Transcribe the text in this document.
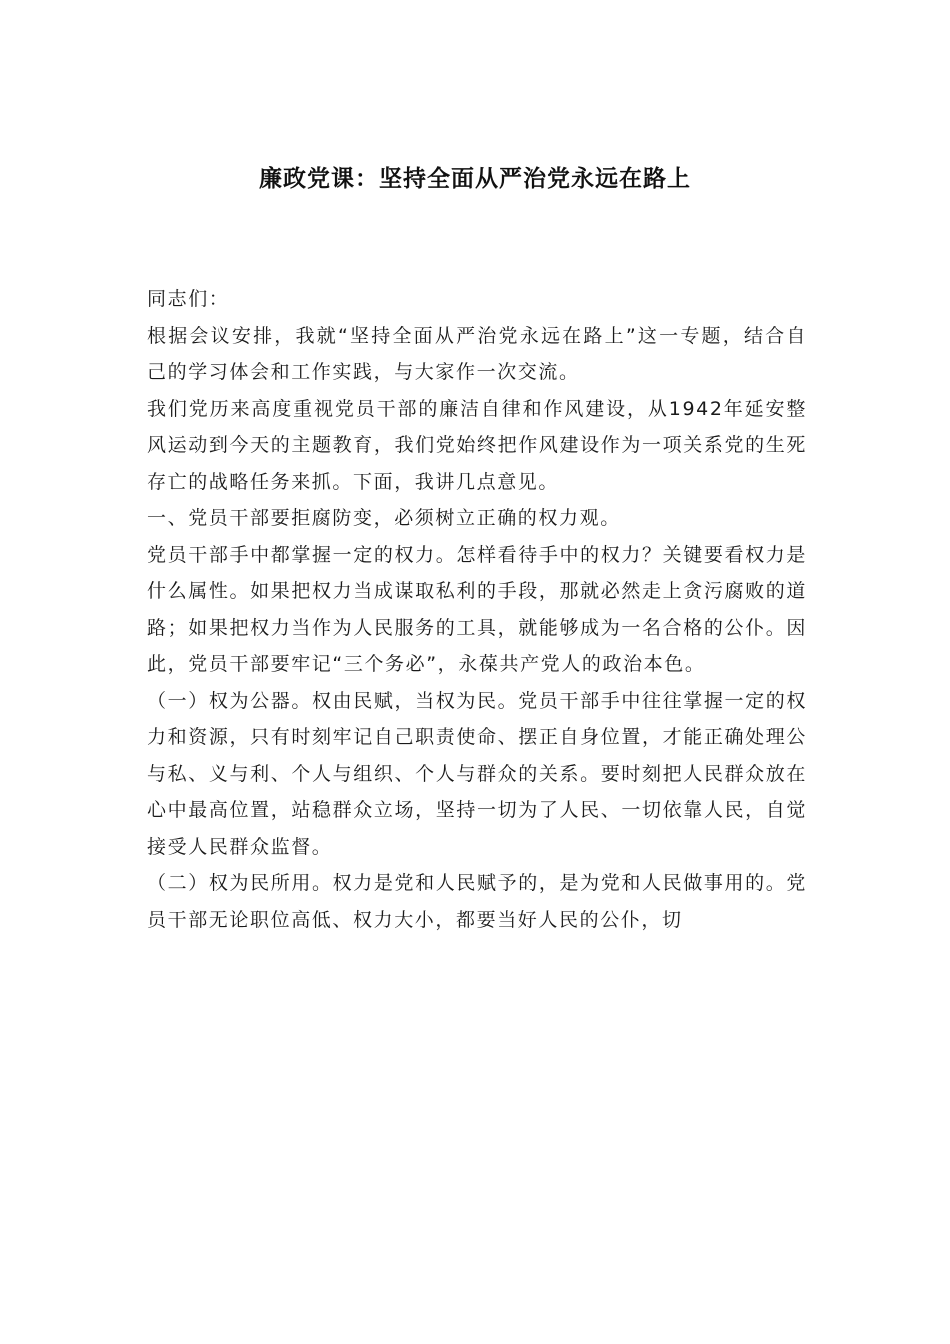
廉政党课：坚持全面从严治党永远在路上

同志们：

根据会议安排，我就“坚持全面从严治党永远在路上”这一专题，结合自己的学习体会和工作实践，与大家作一次交流。

我们党历来高度重视党员干部的廉洁自律和作风建设，从1942年延安整风运动到今天的主题教育，我们党始终把作风建设作为一项关系党的生死存亡的战略任务来抓。下面，我讲几点意见。

一、党员干部要拒腐防变，必须树立正确的权力观。

党员干部手中都掌握一定的权力。怎样看待手中的权力？关键要看权力是什么属性。如果把权力当成谋取私利的手段，那就必然走上贪污腐败的道路；如果把权力当作为人民服务的工具，就能够成为一名合格的公仆。因此，党员干部要牢记“三个务必”，永葆共产党人的政治本色。

（一）权为公器。权由民赋，当权为民。党员干部手中往往掌握一定的权力和资源，只有时刻牢记自己职责使命、摆正自身位置，才能正确处理公与私、义与利、个人与组织、个人与群众的关系。要时刻把人民群众放在心中最高位置，站稳群众立场，坚持一切为了人民、一切依靠人民，自觉接受人民群众监督。

（二）权为民所用。权力是党和人民赋予的，是为党和人民做事用的。党员干部无论职位高低、权力大小，都要当好人民的公仆，切
